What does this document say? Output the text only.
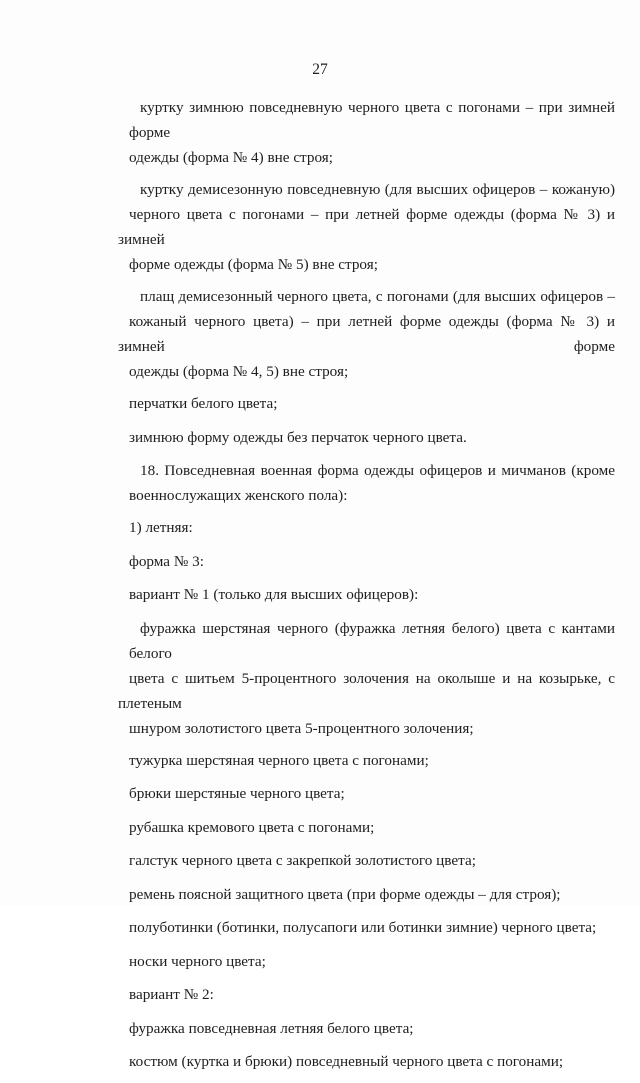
27
куртку зимнюю повседневную черного цвета с погонами – при зимней форме
одежды (форма № 4) вне строя;
куртку демисезонную повседневную (для высших офицеров – кожаную)
черного цвета с погонами – при летней форме одежды (форма № 3) и зимней
форме одежды (форма № 5) вне строя;
плащ демисезонный черного цвета, с погонами (для высших офицеров –
кожаный черного цвета) – при летней форме одежды (форма № 3) и зимней форме
одежды (форма № 4, 5) вне строя;
перчатки белого цвета;
зимнюю форму одежды без перчаток черного цвета.
18. Повседневная военная форма одежды офицеров и мичманов (кроме
военнослужащих женского пола):
1) летняя:
форма № 3:
вариант № 1 (только для высших офицеров):
фуражка шерстяная черного (фуражка летняя белого) цвета с кантами белого
цвета с шитьем 5-процентного золочения на околыше и на козырьке, с плетеным
шнуром золотистого цвета 5-процентного золочения;
тужурка шерстяная черного цвета с погонами;
брюки шерстяные черного цвета;
рубашка кремового цвета с погонами;
галстук черного цвета с закрепкой золотистого цвета;
ремень поясной защитного цвета (при форме одежды – для строя);
полуботинки (ботинки, полусапоги или ботинки зимние) черного цвета;
носки черного цвета;
вариант № 2:
фуражка повседневная летняя белого цвета;
костюм (куртка и брюки) повседневный черного цвета с погонами;
